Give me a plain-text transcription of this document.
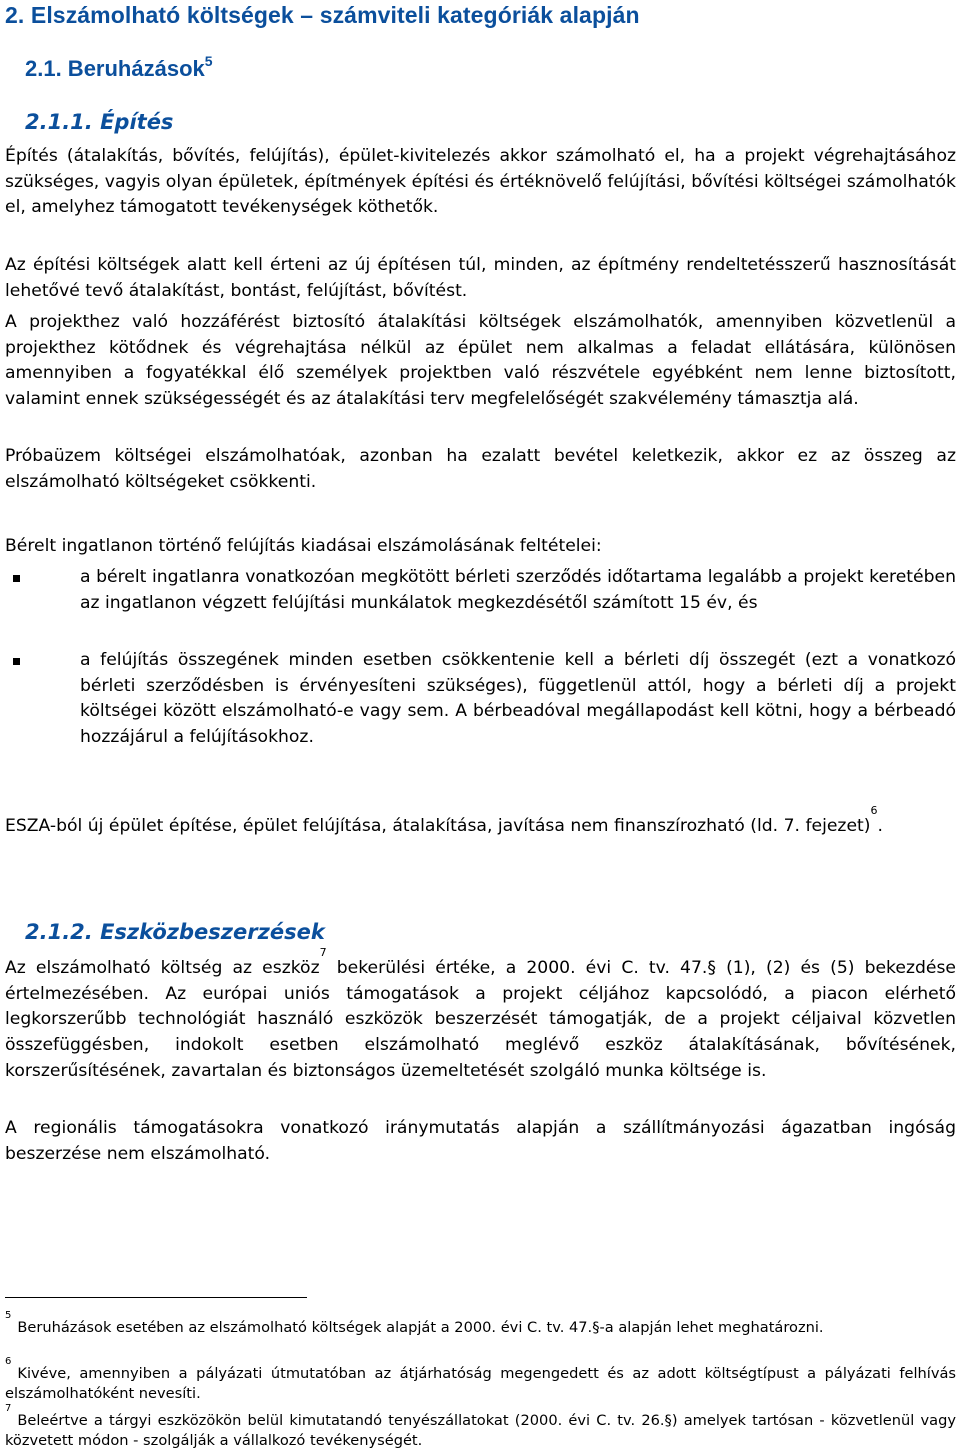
2. Elszámolható költségek – számviteli kategóriák alapján
2.1. Beruházások$^5$
2.1.1. Építés
Építés (átalakítás, bővítés, felújítás), épület-kivitelezés akkor számolható el, ha a projekt végrehajtásához szükséges, vagyis olyan épületek, építmények építési és értéknövelő felújítási, bővítési költségei számolhatók el, amelyhez támogatott tevékenységek köthetők.
Az építési költségek alatt kell érteni az új építésen túl, minden, az építmény rendeltetésszerű hasznosítását lehetővé tevő átalakítást, bontást, felújítást, bővítést.
A projekthez való hozzáférést biztosító átalakítási költségek elszámolhatók, amennyiben közvetlenül a projekthez kötődnek és végrehajtása nélkül az épület nem alkalmas a feladat ellátására, különösen amennyiben a fogyatékkal élő személyek projektben való részvétele egyébként nem lenne biztosított, valamint ennek szükségességét és az átalakítási terv megfelelőségét szakvélemény támasztja alá.
Próbaüzem költségei elszámolhatóak, azonban ha ezalatt bevétel keletkezik, akkor ez az összeg az elszámolható költségeket csökkenti.
Bérelt ingatlanon történő felújítás kiadásai elszámolásának feltételei:
a bérelt ingatlanra vonatkozóan megkötött bérleti szerződés időtartama legalább a projekt keretében az ingatlanon végzett felújítási munkálatok megkezdésétől számított 15 év, és
a felújítás összegének minden esetben csökkentenie kell a bérleti díj összegét (ezt a vonatkozó bérleti szerződésben is érvényesíteni szükséges), függetlenül attól, hogy a bérleti díj a projekt költségei között elszámolható-e vagy sem. A bérbeadóval megállapodást kell kötni, hogy a bérbeadó hozzájárul a felújításokhoz.
ESZA-ból új épület építése, épület felújítása, átalakítása, javítása nem finanszírozható (ld. 7. fejezet)$^6$.
2.1.2. Eszközbeszerzések
Az elszámolható költség az eszköz$^7$ bekerülési értéke, a 2000. évi C. tv. 47.§ (1), (2) és (5) bekezdése értelmezésében. Az európai uniós támogatások a projekt céljához kapcsolódó, a piacon elérhető legkorszerűbb technológiát használó eszközök beszerzését támogatják, de a projekt céljaival közvetlen összefüggésben, indokolt esetben elszámolható meglévő eszköz átalakításának, bővítésének, korszerűsítésének, zavartalan és biztonságos üzemeltetését szolgáló munka költsége is.
A regionális támogatásokra vonatkozó iránymutatás alapján a szállítmányozási ágazatban ingóság beszerzése nem elszámolható.
$^5$Beruházások esetében az elszámolható költségek alapját a 2000. évi C. tv. 47.§-a alapján lehet meghatározni.
$^6$Kivéve, amennyiben a pályázati útmutatóban az átjárhatóság megengedett és az adott költségtípust a pályázati felhívás elszámolhatóként nevesíti.
$^7$Beleértve a tárgyi eszközökön belül kimutatandó tenyészállatokat (2000. évi C. tv. 26.§) amelyek tartósan - közvetlenül vagy közvetett módon - szolgálják a vállalkozó tevékenységét.
